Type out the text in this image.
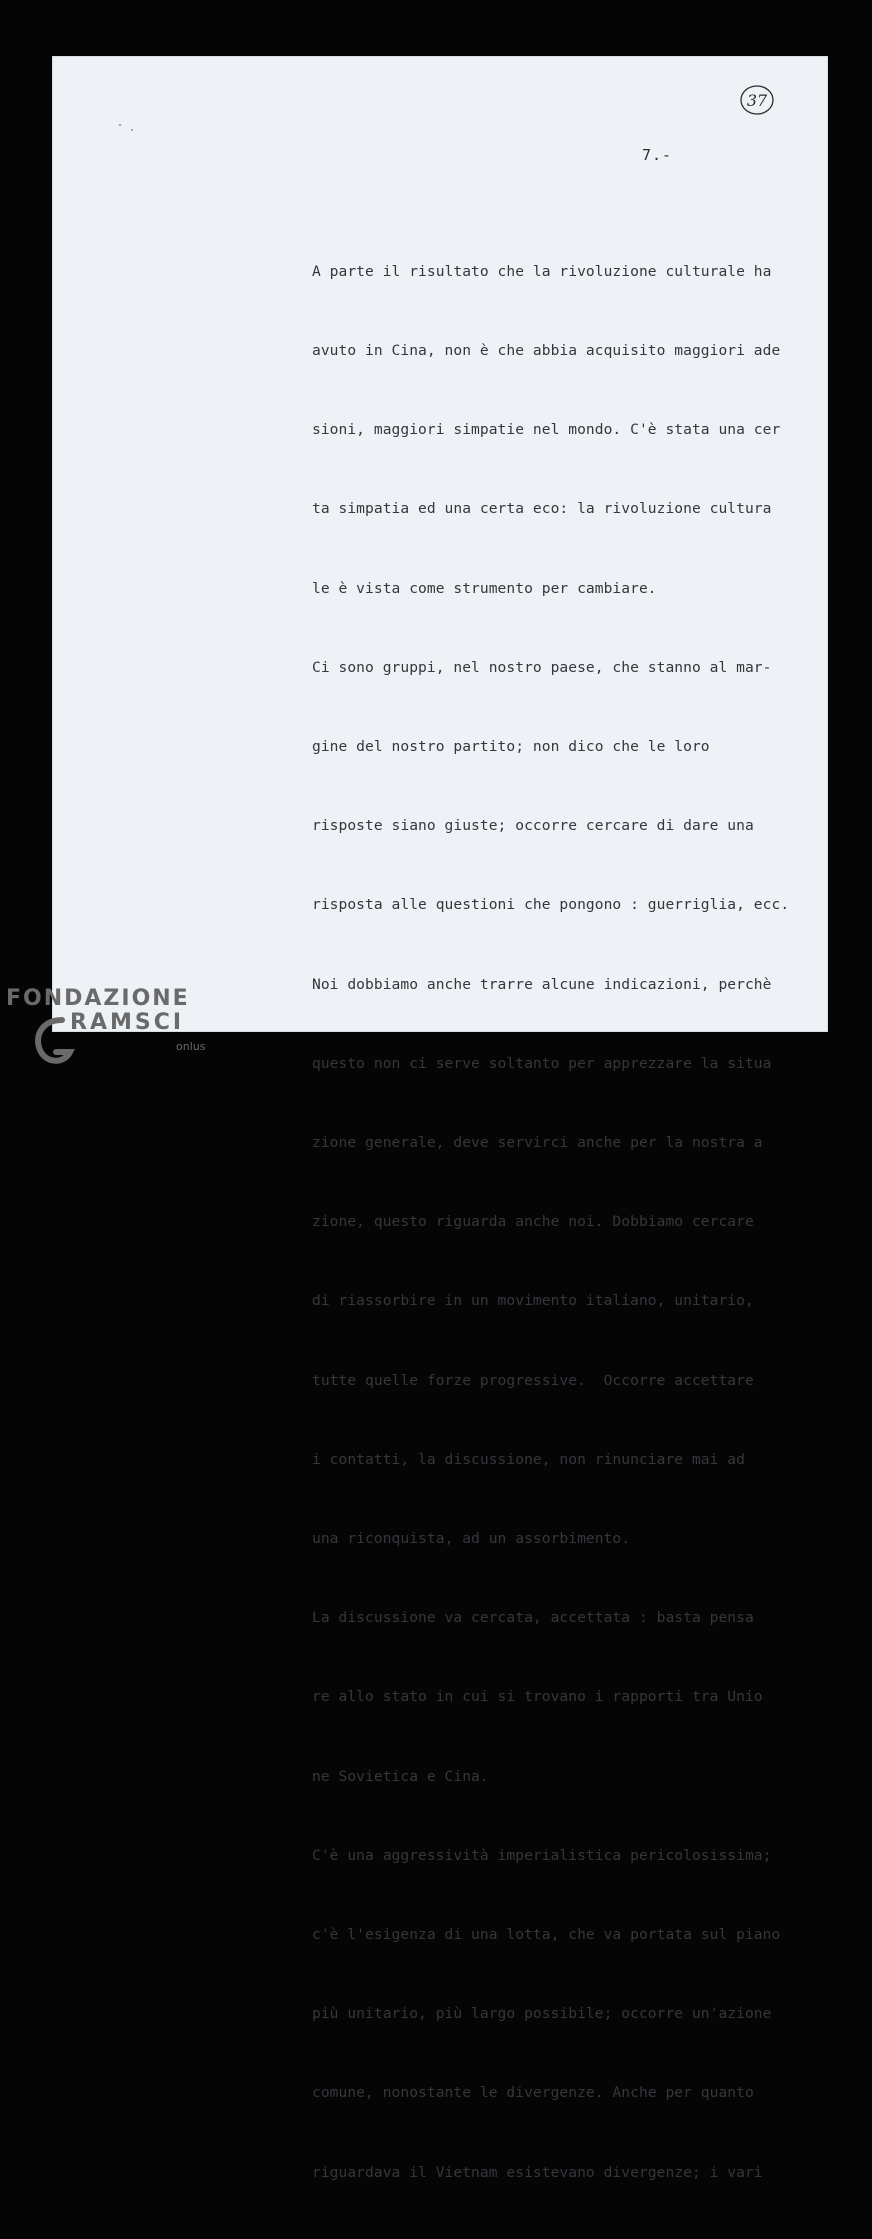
37
7.-

A parte il risultato che la rivoluzione culturale ha

avuto in Cina, non è che abbia acquisito maggiori ade

sioni, maggiori simpatie nel mondo. C'è stata una cer

ta simpatia ed una certa eco: la rivoluzione cultura

le è vista come strumento per cambiare.

Ci sono gruppi, nel nostro paese, che stanno al mar-

gine del nostro partito; non dico che le loro

risposte siano giuste; occorre cercare di dare una

risposta alle questioni che pongono : guerriglia, ecc.

Noi dobbiamo anche trarre alcune indicazioni, perchè

questo non ci serve soltanto per apprezzare la situa

zione generale, deve servirci anche per la nostra a

zione, questo riguarda anche noi. Dobbiamo cercare

di riassorbire in un movimento italiano, unitario,

tutte quelle forze progressive.  Occorre accettare

i contatti, la discussione, non rinunciare mai ad

una riconquista, ad un assorbimento.

La discussione va cercata, accettata : basta pensa

re allo stato in cui si trovano i rapporti tra Unio

ne Sovietica e Cina.

C'è una aggressività imperialistica pericolosissima;

c'è l'esigenza di una lotta, che va portata sul piano

più unitario, più largo possibile; occorre un'azione

comune, nonostante le divergenze. Anche per quanto

riguardava il Vietnam esistevano divergenze; i vari

FONDAZIONE
RAMSCI
onlus
